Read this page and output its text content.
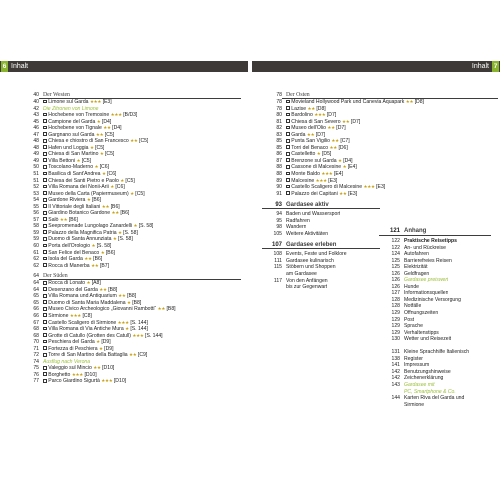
6 Inhalt	Inhalt 7
40 Der Westen
40	Limone sul Garda ★★★ [E3]
42 Die Zitronen von Limone
43	Hochebene von Tremosine ★★★ [B/D3]
45	Campione del Garda ★ [D4]
46	Hochebene von Tignale ★★ [D4]
47	Gargnano sul Garda ★★ [C5]
48	Chiesa e chiostro di San Francesco ★★ [C5]
48	Hafen und Loggia ★ [C5]
49	Chiesa di San Martino ★ [C5]
49	Villa Bettoni ★ [C5]
50	Toscolano-Maderno ★ [C6]
51	Basilica di Sant'Andrea ★ [C6]
51	Chiesa dei Santi Pietro e Paolo ★ [C5]
52	Villa Romana dei Nonii-Arii ★ [C6]
53	Museo della Carta (Papiermuseum) ★ [C5]
54	Gardone Riviera ★ [B6]
55	Il Vittoriale degli Italiani ★★ [B6]
56	Giardino Botanico Gardone ★★ [B6]
57	Salò ★★ [B6]
58	Seepromenade Lungolago Zanardelli ★ [S. 58]
59	Palazzo della Magnifica Patria ★ [S. 58]
59	Duomo di Santa Annunziata ★ [S. 58]
60	Porta dell'Orologio ★ [S. 58]
61	San Felice del Benaco ★ [B6]
62	Isola del Garda ★★ [B6]
62	Rocca di Manerba ★★ [B7]
64 Der Süden
64	Rocca di Lonato ★ [A8]
64	Desenzano del Garda ★★ [B8]
65	Villa Romana und Antiquarium ★★ [B8]
65	Duomo di Santa Maria Maddalena ★ [B8]
66	Museo Civico Archeologico „Giovanni Rambotti“ ★★ [B8]
66	Sirmione ★★★ [C8]
67	Castello Scaligero di Sirmione ★★★ [S. 144]
68	Villa Romana di Via Antiche Mura ★ [S. 144]
68	Grotte di Catullo (Grotten des Catull) ★★★ [S. 144]
70	Peschiera del Garda ★ [D9]
71	Fortezza di Peschiera ★ [D9]
72	Torre di San Martino della Battaglia ★★ [C9]
74 Ausflug nach Verona
75	Valeggio sul Mincio ★★ [D10]
76	Borghetto ★★★ [D10]
77	Parco Giardino Sigurtà ★★★ [D10]
78 Der Osten
78	Movieland Hollywood Park und Canevia Aquapark ★★ [D8]
78	Lazise ★★ [D8]
80	Bardolino ★★★ [D7]
81	Chiesa di San Severo ★★ [D7]
82	Museo dell'Olio ★★ [D7]
83	Garda ★★ [D7]
85	Punta San Vigilio ★★ [C7]
85	Torri del Benaco ★★ [D6]
86	Castelletto ★ [D5]
87	Brenzone sul Garda ★ [D4]
88	Cassone di Malcesine ★ [E4]
88	Monte Baldo ★★★ [E4]
89	Malcesine ★★★ [E3]
90	Castello Scaligero di Malcesine ★★★ [E3]
91	Palazzo dei Capitani ★★ [E3]
93 Gardasee aktiv
94 Baden und Wassersport
95 Radfahren
98 Wandern
105 Weitere Aktivitäten
107 Gardasee erleben
108 Events, Feste und Folklore
111 Gardasee kulinarisch
115 Stöbern und Shoppen
am Gardasee
117 Von den Anfängen
bis zur Gegenwart
121 Anhang
122 Praktische Reisetipps
122 An- und Rückreise
124 Autofahren
125 Barrierefreies Reisen
125 Elektrizität
126 Geldfragen
126 Gardasee preiswert
126 Hunde
127 Informationsquellen
128 Medizinische Versorgung
128 Notfälle
129 Öffnungszeiten
129 Post
129 Sprache
129 Verhaltenstipps
130 Wetter und Reisezeit
131 Kleine Sprachhilfe Italienisch
138 Register
141 Impressum
142 Benutzungshinweise
142 Zeichenerklärung
143 Gardasee mit
PC, Smartphone & Co.
144 Karten Riva del Garda und
Sirmione
